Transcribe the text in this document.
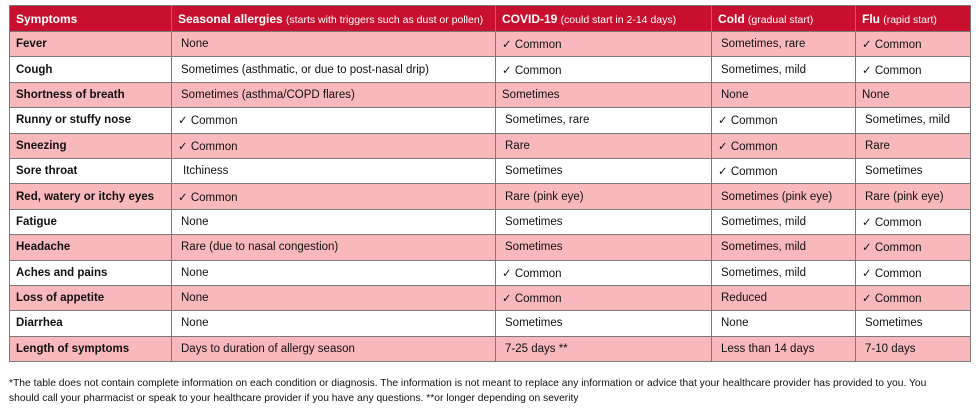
Symptoms	Seasonal allergies (starts with triggers such as dust or pollen)	COVID-19 (could start in 2-14 days)	Cold (gradual start)	Flu (rapid start)
Fever	None	✓ Common	Sometimes, rare	✓ Common
Cough	Sometimes (asthmatic, or due to post-nasal drip)	✓ Common	Sometimes, mild	✓ Common
Shortness of breath	Sometimes (asthma/COPD flares)	Sometimes	None	None
Runny or stuffy nose	✓ Common	Sometimes, rare	✓ Common	Sometimes, mild
Sneezing	✓ Common	Rare	✓ Common	Rare
Sore throat	Itchiness	Sometimes	✓ Common	Sometimes
Red, watery or itchy eyes	✓ Common	Rare (pink eye)	Sometimes (pink eye)	Rare (pink eye)
Fatigue	None	Sometimes	Sometimes, mild	✓ Common
Headache	Rare (due to nasal congestion)	Sometimes	Sometimes, mild	✓ Common
Aches and pains	None	✓ Common	Sometimes, mild	✓ Common
Loss of appetite	None	✓ Common	Reduced	✓ Common
Diarrhea	None	Sometimes	None	Sometimes
Length of symptoms	Days to duration of allergy season	7-25 days **	Less than 14 days	7-10 days
*The table does not contain complete information on each condition or diagnosis. The information is not meant to replace any information or advice that your healthcare provider has provided to you. You
should call your pharmacist or speak to your healthcare provider if you have any questions. **or longer depending on severity
